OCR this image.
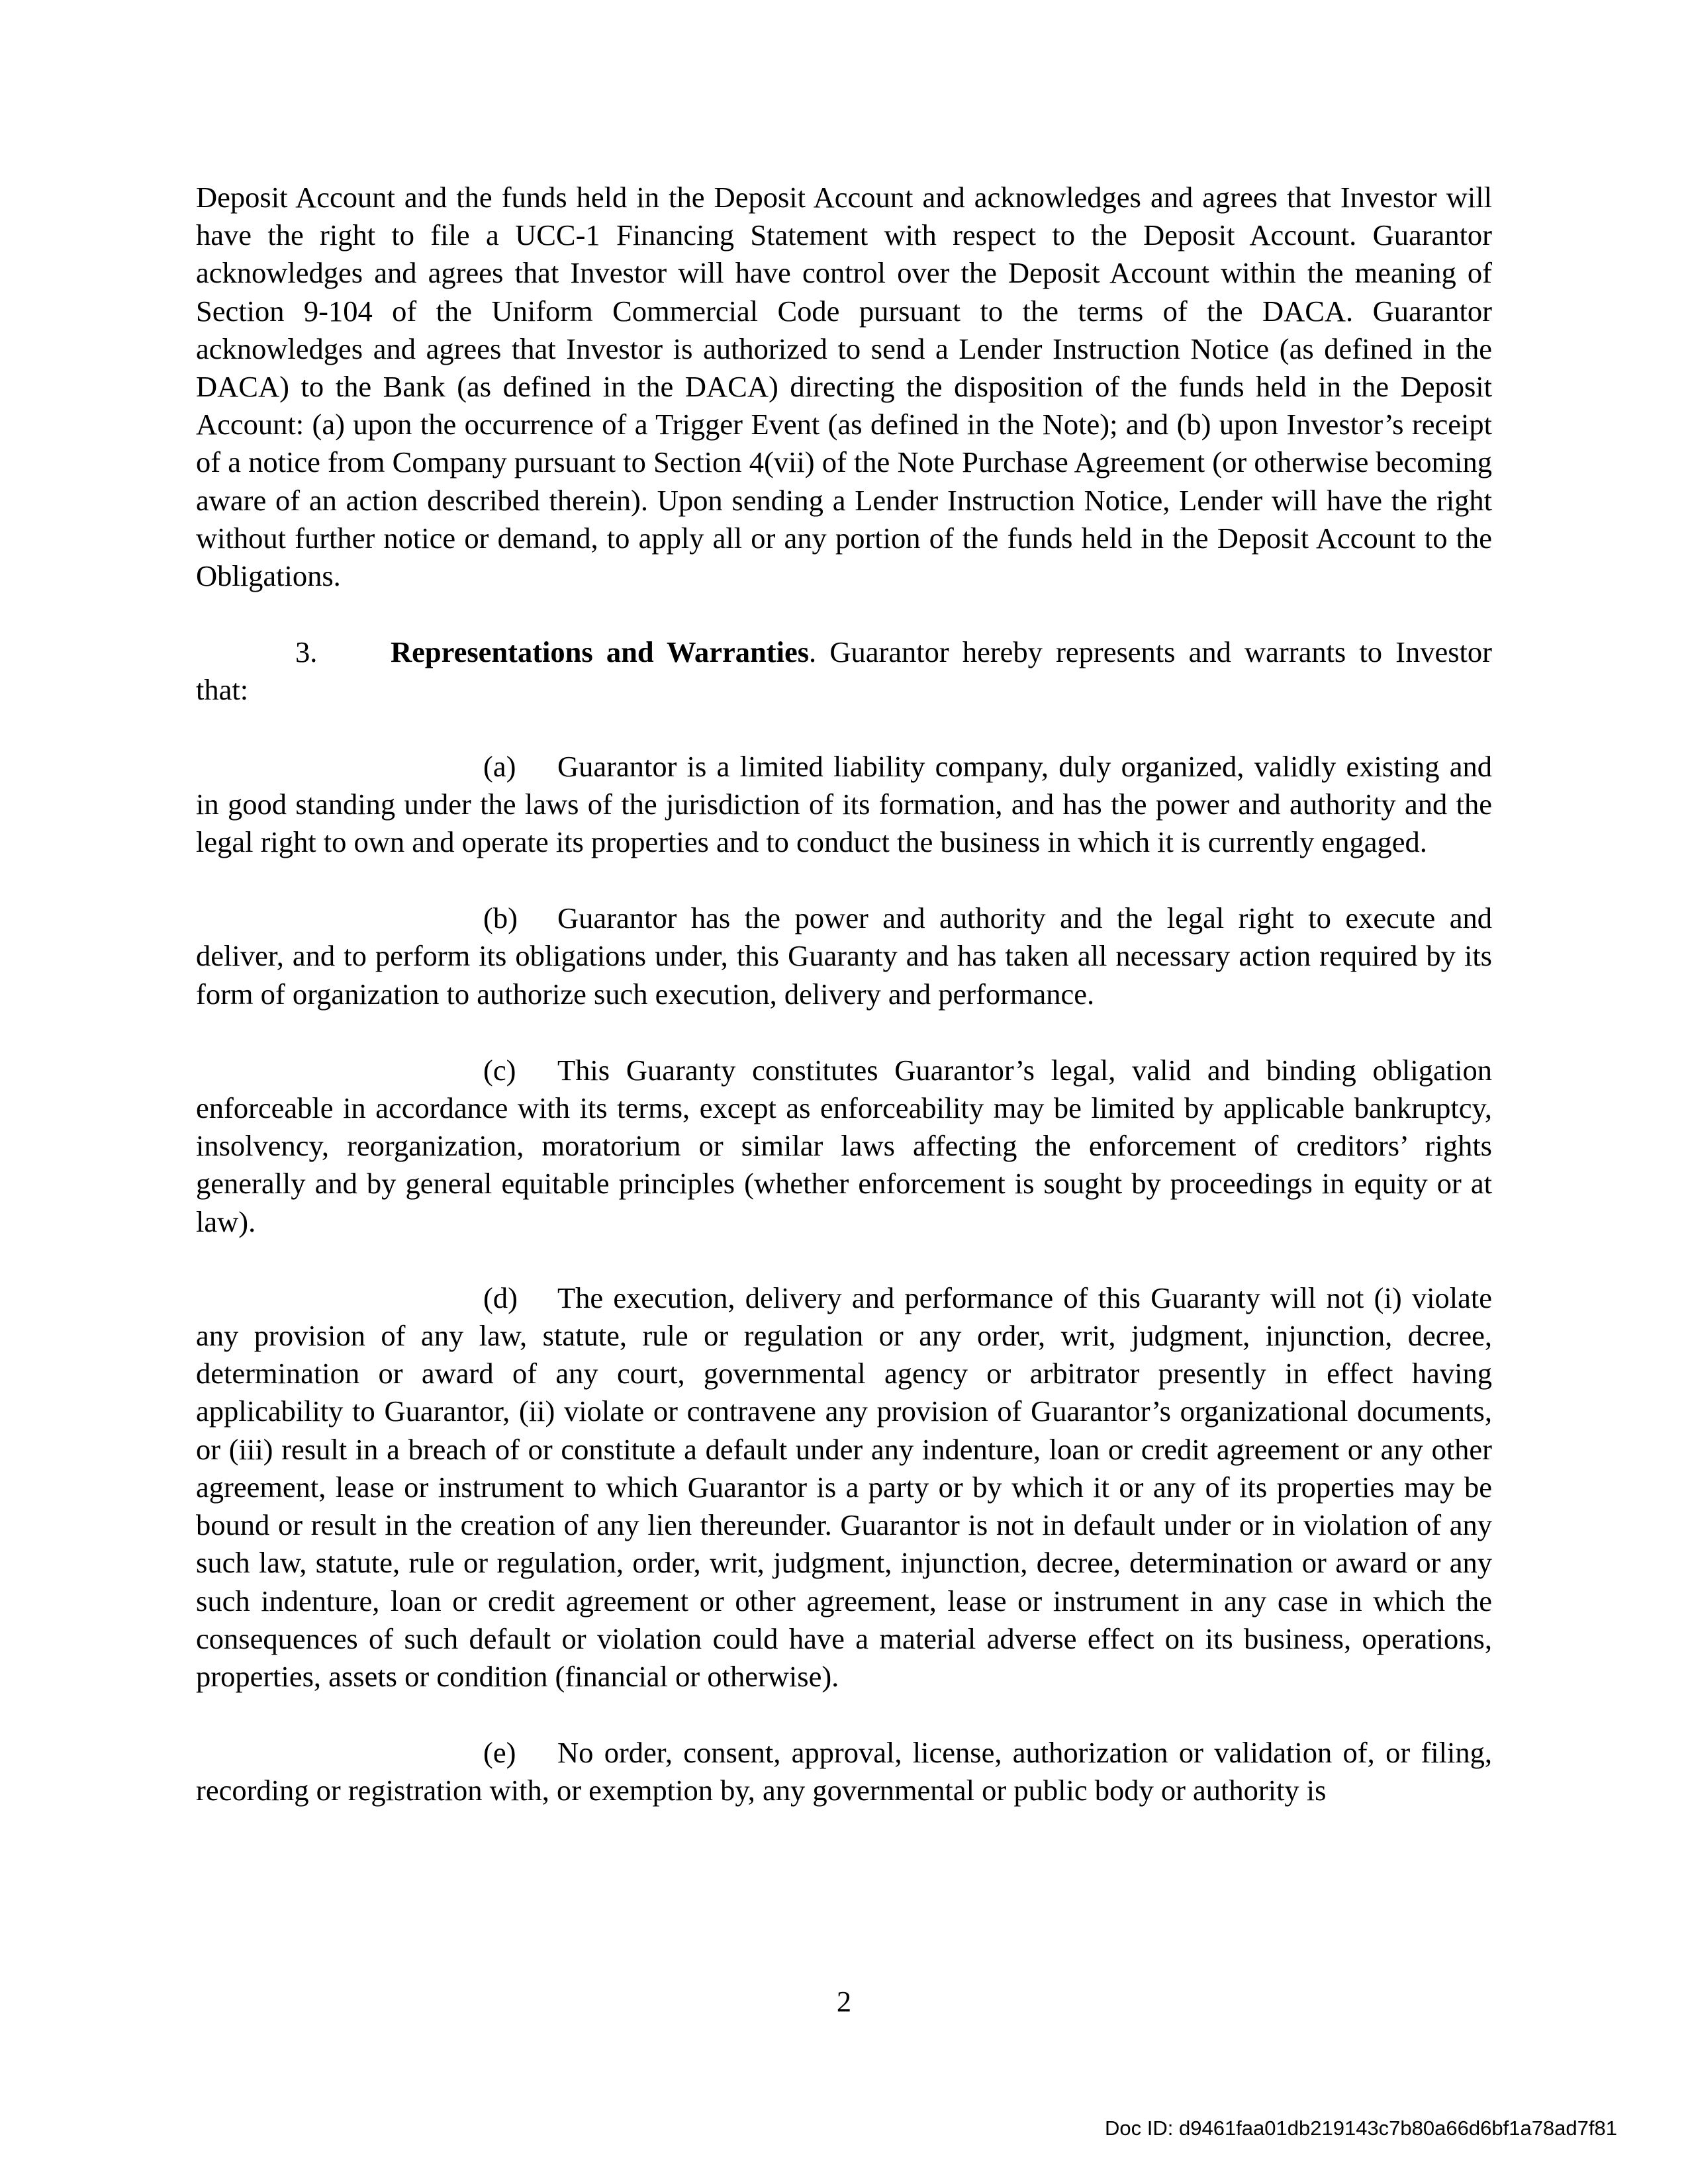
Deposit Account and the funds held in the Deposit Account and acknowledges and agrees that Investor will have the right to file a UCC-1 Financing Statement with respect to the Deposit Account. Guarantor acknowledges and agrees that Investor will have control over the Deposit Account within the meaning of Section 9-104 of the Uniform Commercial Code pursuant to the terms of the DACA. Guarantor acknowledges and agrees that Investor is authorized to send a Lender Instruction Notice (as defined in the DACA) to the Bank (as defined in the DACA) directing the disposition of the funds held in the Deposit Account: (a) upon the occurrence of a Trigger Event (as defined in the Note); and (b) upon Investor’s receipt of a notice from Company pursuant to Section 4(vii) of the Note Purchase Agreement (or otherwise becoming aware of an action described therein). Upon sending a Lender Instruction Notice, Lender will have the right without further notice or demand, to apply all or any portion of the funds held in the Deposit Account to the Obligations.

3. Representations and Warranties. Guarantor hereby represents and warrants to Investor that:

(a) Guarantor is a limited liability company, duly organized, validly existing and in good standing under the laws of the jurisdiction of its formation, and has the power and authority and the legal right to own and operate its properties and to conduct the business in which it is currently engaged.

(b) Guarantor has the power and authority and the legal right to execute and deliver, and to perform its obligations under, this Guaranty and has taken all necessary action required by its form of organization to authorize such execution, delivery and performance.

(c) This Guaranty constitutes Guarantor’s legal, valid and binding obligation enforceable in accordance with its terms, except as enforceability may be limited by applicable bankruptcy, insolvency, reorganization, moratorium or similar laws affecting the enforcement of creditors’ rights generally and by general equitable principles (whether enforcement is sought by proceedings in equity or at law).

(d) The execution, delivery and performance of this Guaranty will not (i) violate any provision of any law, statute, rule or regulation or any order, writ, judgment, injunction, decree, determination or award of any court, governmental agency or arbitrator presently in effect having applicability to Guarantor, (ii) violate or contravene any provision of Guarantor’s organizational documents, or (iii) result in a breach of or constitute a default under any indenture, loan or credit agreement or any other agreement, lease or instrument to which Guarantor is a party or by which it or any of its properties may be bound or result in the creation of any lien thereunder. Guarantor is not in default under or in violation of any such law, statute, rule or regulation, order, writ, judgment, injunction, decree, determination or award or any such indenture, loan or credit agreement or other agreement, lease or instrument in any case in which the consequences of such default or violation could have a material adverse effect on its business, operations, properties, assets or condition (financial or otherwise).

(e) No order, consent, approval, license, authorization or validation of, or filing, recording or registration with, or exemption by, any governmental or public body or authority is

2
Doc ID: d9461faa01db219143c7b80a66d6bf1a78ad7f81
